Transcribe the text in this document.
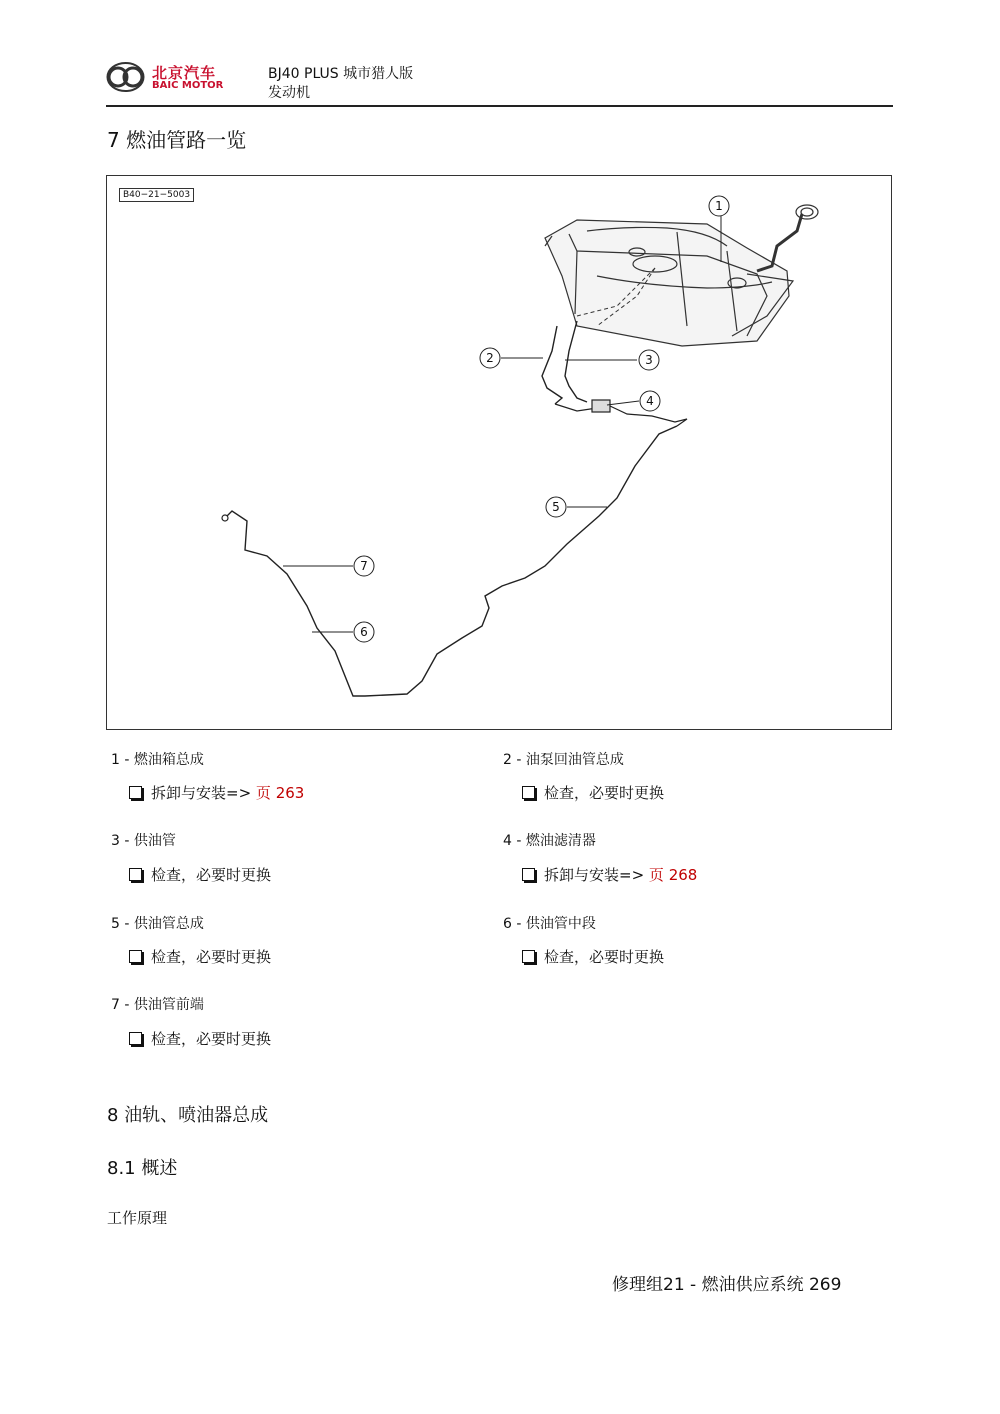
北京汽车
BAIC MOTOR
BJ40 PLUS 城市猎人版
发动机
7 燃油管路一览
B40−21−5003
1
2	3
4
5
6
7
1 - 燃油箱总成
拆卸与安装=> 页 263
2 - 油泵回油管总成
检查，必要时更换
3 - 供油管
检查，必要时更换
4 - 燃油滤清器
拆卸与安装=> 页 268
5 - 供油管总成
检查，必要时更换
6 - 供油管中段
检查，必要时更换
7 - 供油管前端
检查，必要时更换
8 油轨、喷油器总成
8.1 概述
工作原理
修理组21 - 燃油供应系统 269
